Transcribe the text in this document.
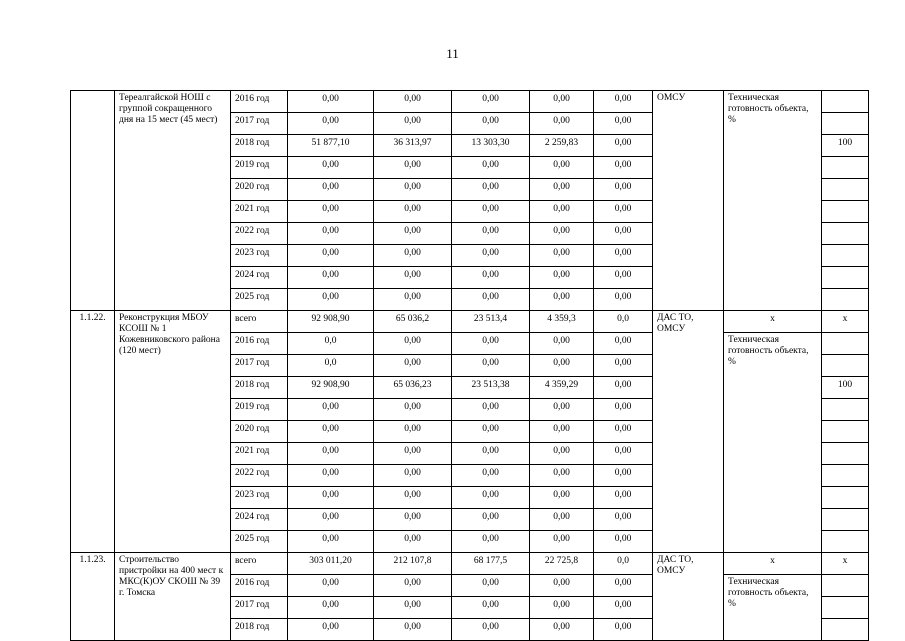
11
	Тереалгайской НОШ с группой сокращенного дня на 15 мест (45 мест)	2016 год	0,00	0,00	0,00	0,00	0,00	ОМСУ	Техническая готовность объекта, %	
		2017 год	0,00	0,00	0,00	0,00	0,00			
		2018 год	51 877,10	36 313,97	13 303,30	2 259,83	0,00			100
		2019 год	0,00	0,00	0,00	0,00	0,00			
		2020 год	0,00	0,00	0,00	0,00	0,00			
		2021 год	0,00	0,00	0,00	0,00	0,00			
		2022 год	0,00	0,00	0,00	0,00	0,00			
		2023 год	0,00	0,00	0,00	0,00	0,00			
		2024 год	0,00	0,00	0,00	0,00	0,00			
		2025 год	0,00	0,00	0,00	0,00	0,00			
1.1.22.	Реконструкция МБОУ КСОШ № 1 Кожевниковского района (120 мест)	всего	92 908,90	65 036,2	23 513,4	4 359,3	0,0	ДАС ТО, ОМСУ	х	х
		2016 год	0,0	0,00	0,00	0,00	0,00		Техническая готовность объекта, %	
		2017 год	0,0	0,00	0,00	0,00	0,00			
		2018 год	92 908,90	65 036,23	23 513,38	4 359,29	0,00			100
		2019 год	0,00	0,00	0,00	0,00	0,00			
		2020 год	0,00	0,00	0,00	0,00	0,00			
		2021 год	0,00	0,00	0,00	0,00	0,00			
		2022 год	0,00	0,00	0,00	0,00	0,00			
		2023 год	0,00	0,00	0,00	0,00	0,00			
		2024 год	0,00	0,00	0,00	0,00	0,00			
		2025 год	0,00	0,00	0,00	0,00	0,00			
1.1.23.	Строительство пристройки на 400 мест к МКС(К)ОУ СКОШ № 39 г. Томска	всего	303 011,20	212 107,8	68 177,5	22 725,8	0,0	ДАС ТО, ОМСУ	х	х
		2016 год	0,00	0,00	0,00	0,00	0,00		Техническая готовность объекта, %	
		2017 год	0,00	0,00	0,00	0,00	0,00			
		2018 год	0,00	0,00	0,00	0,00	0,00			
